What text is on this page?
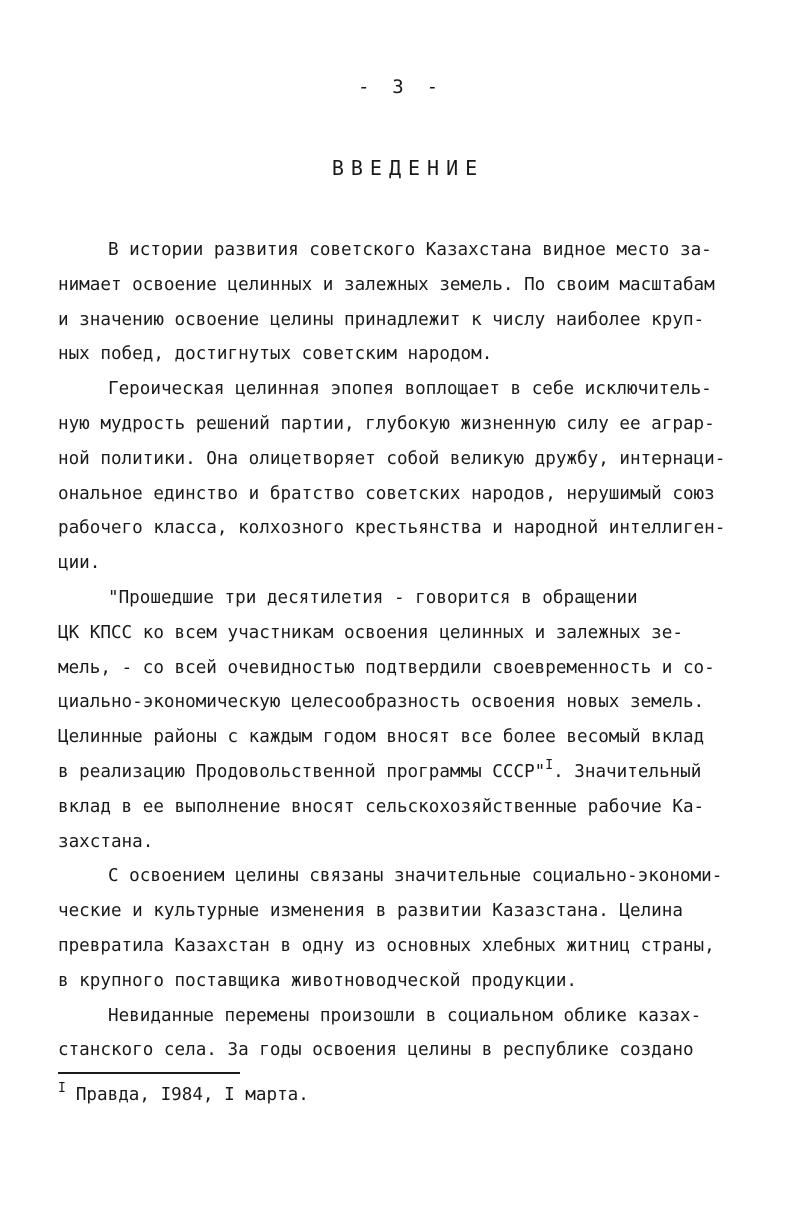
-  3  -
ВВЕДЕНИЕ
В истории развития советского Казахстана видное место за-
нимает освоение целинных и залежных земель. По своим масштабам
и значению освоение целины принадлежит к числу наиболее круп-
ных побед, достигнутых советским народом.
Героическая целинная эпопея воплощает в себе исключитель-
ную мудрость решений партии, глубокую жизненную силу ее аграр-
ной политики. Она олицетворяет собой великую дружбу, интернаци-
ональное единство и братство советских народов, нерушимый союз
рабочего класса, колхозного крестьянства и народной интеллиген-
ции.
"Прошедшие три десятилетия - говорится в обращении
ЦК КПСС ко всем участникам освоения целинных и залежных зе-
мель, - со всей очевидностью подтвердили своевременность и со-
циально-экономическую целесообразность освоения новых земель.
Целинные районы с каждым годом вносят все более весомый вклад
в реализацию Продовольственной программы СССР"$^I$. Значительный
вклад в ее выполнение вносят сельскохозяйственные рабочие Ка-
захстана.
С освоением целины связаны значительные социально-экономи-
ческие и культурные изменения в развитии Казазстана. Целина
превратила Казахстан в одну из основных хлебных житниц страны,
в крупного поставщика животноводческой продукции.
Невиданные перемены произошли в социальном облике казах-
станского села. За годы освоения целины в республике создано
$^I$ Правда, I984, I марта.
